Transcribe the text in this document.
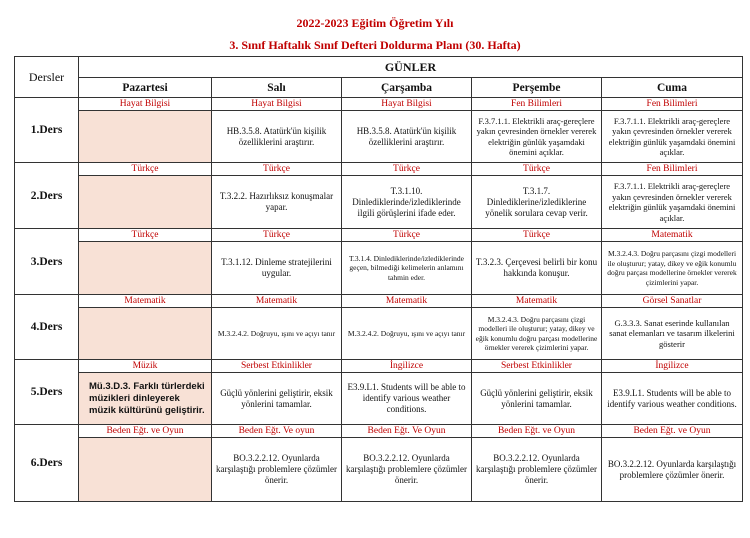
2022-2023 Eğitim Öğretim Yılı
3. Sınıf Haftalık Sınıf Defteri Doldurma Planı (30. Hafta)
Dersler	GÜNLER				
	Pazartesi	Salı	Çarşamba	Perşembe	Cuma
1.Ders	Hayat Bilgisi	Hayat Bilgisi	Hayat Bilgisi	Fen Bilimleri	Fen Bilimleri
		HB.3.5.8. Atatürk'ün kişilik özelliklerini araştırır.	HB.3.5.8. Atatürk'ün kişilik özelliklerini araştırır.	F.3.7.1.1. Elektrikli araç-gereçlere yakın çevresinden örnekler vererek elektriğin günlük yaşamdaki önemini açıklar.	F.3.7.1.1. Elektrikli araç-gereçlere yakın çevresinden örnekler vererek elektriğin günlük yaşamdaki önemini açıklar.
2.Ders	Türkçe	Türkçe	Türkçe	Türkçe	Fen Bilimleri
		T.3.2.2. Hazırlıksız konuşmalar yapar.	T.3.1.10. Dinlediklerinde/izlediklerinde ilgili görüşlerini ifade eder.	T.3.1.7. Dinlediklerine/izlediklerine yönelik sorulara cevap verir.	F.3.7.1.1. Elektrikli araç-gereçlere yakın çevresinden örnekler vererek elektriğin günlük yaşamdaki önemini açıklar.
3.Ders	Türkçe	Türkçe	Türkçe	Türkçe	Matematik
		T.3.1.12. Dinleme stratejilerini uygular.	T.3.1.4. Dinlediklerinde/izlediklerinde geçen, bilmediği kelimelerin anlamını tahmin eder.	T.3.2.3. Çerçevesi belirli bir konu hakkında konuşur.	M.3.2.4.3. Doğru parçasını çizgi modelleri ile oluşturur; yatay, dikey ve eğik konumlu doğru parçası modellerine örnekler vererek çizimlerini yapar.
4.Ders	Matematik	Matematik	Matematik	Matematik	Görsel Sanatlar
		M.3.2.4.2. Doğruyu, ışını ve açıyı tanır	M.3.2.4.2. Doğruyu, ışını ve açıyı tanır	M.3.2.4.3. Doğru parçasını çizgi modelleri ile oluşturur; yatay, dikey ve eğik konumlu doğru parçası modellerine örnekler vererek çizimlerini yapar.	G.3.3.3. Sanat eserinde kullanılan sanat elemanları ve tasarım ilkelerini gösterir
5.Ders	Müzik	Serbest Etkinlikler	İngilizce	Serbest Etkinlikler	İngilizce
	Mü.3.D.3. Farklı türlerdeki müzikleri dinleyerek müzik kültürünü geliştirir.	Güçlü yönlerini geliştirir, eksik yönlerini tamamlar.	E3.9.L1. Students will be able to identify various weather conditions.	Güçlü yönlerini geliştirir, eksik yönlerini tamamlar.	E3.9.L1. Students will be able to identify various weather conditions.
6.Ders	Beden Eğt. ve Oyun	Beden Eğt. Ve oyun	Beden Eğt. Ve Oyun	Beden Eğt. ve Oyun	Beden Eğt. ve Oyun
		BO.3.2.2.12. Oyunlarda karşılaştığı problemlere çözümler önerir.	BO.3.2.2.12. Oyunlarda karşılaştığı problemlere çözümler önerir.	BO.3.2.2.12. Oyunlarda karşılaştığı problemlere çözümler önerir.	BO.3.2.2.12. Oyunlarda karşılaştığı problemlere çözümler önerir.
